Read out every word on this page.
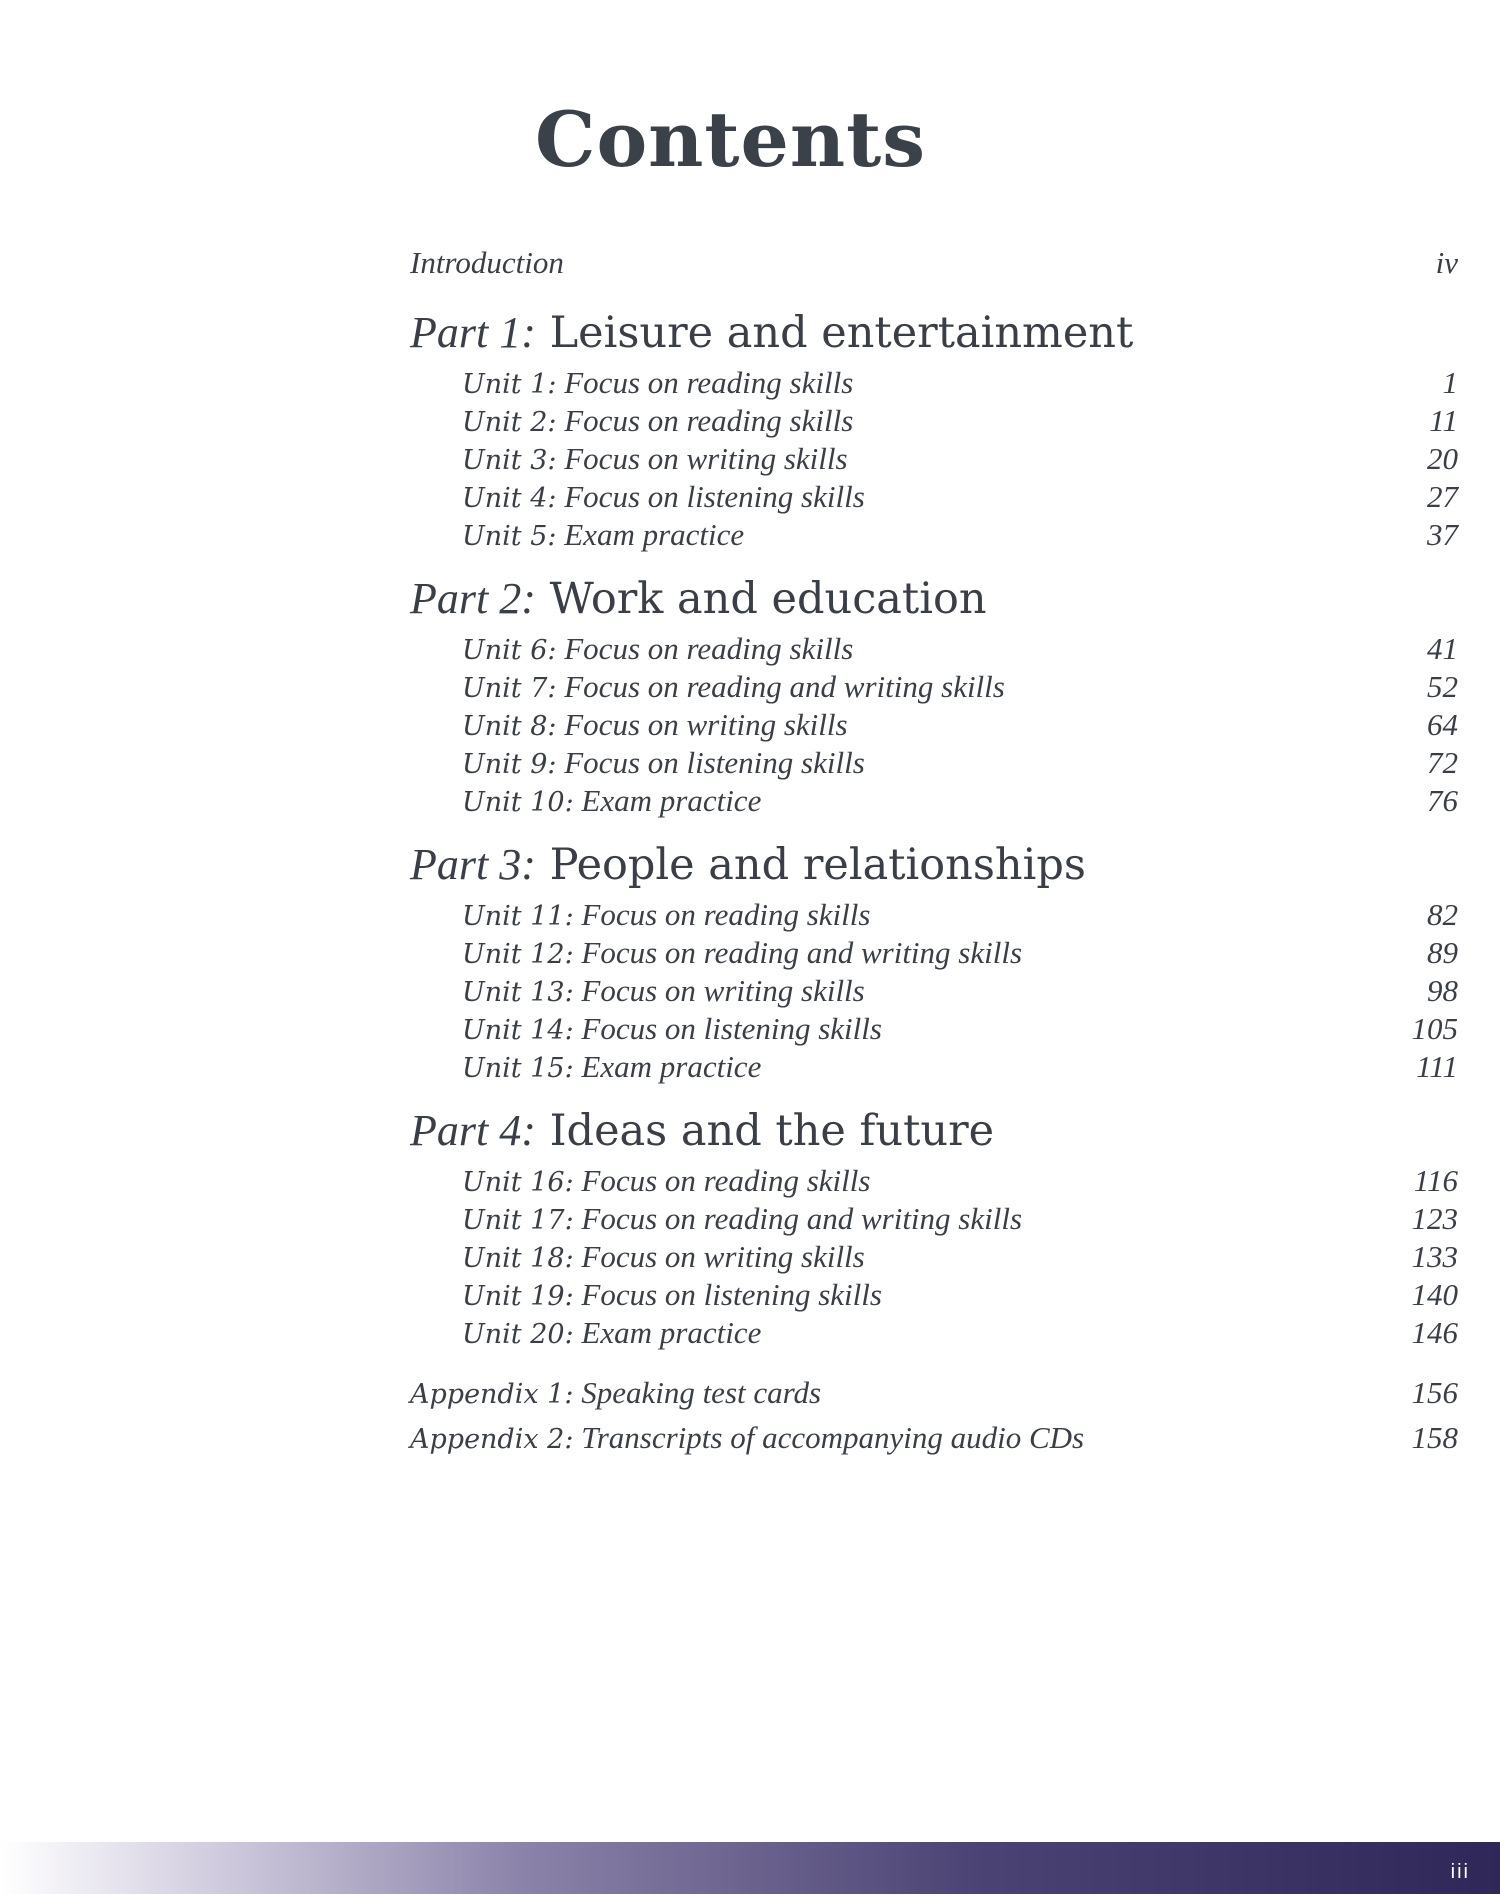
Contents
Introduction	iv
Part 1: Leisure and entertainment
Unit 1: Focus on reading skills	1
Unit 2: Focus on reading skills	11
Unit 3: Focus on writing skills	20
Unit 4: Focus on listening skills	27
Unit 5: Exam practice	37
Part 2: Work and education
Unit 6: Focus on reading skills	41
Unit 7: Focus on reading and writing skills	52
Unit 8: Focus on writing skills	64
Unit 9: Focus on listening skills	72
Unit 10: Exam practice	76
Part 3: People and relationships
Unit 11: Focus on reading skills	82
Unit 12: Focus on reading and writing skills	89
Unit 13: Focus on writing skills	98
Unit 14: Focus on listening skills	105
Unit 15: Exam practice	111
Part 4: Ideas and the future
Unit 16: Focus on reading skills	116
Unit 17: Focus on reading and writing skills	123
Unit 18: Focus on writing skills	133
Unit 19: Focus on listening skills	140
Unit 20: Exam practice	146
Appendix 1: Speaking test cards	156
Appendix 2: Transcripts of accompanying audio CDs	158
iii
